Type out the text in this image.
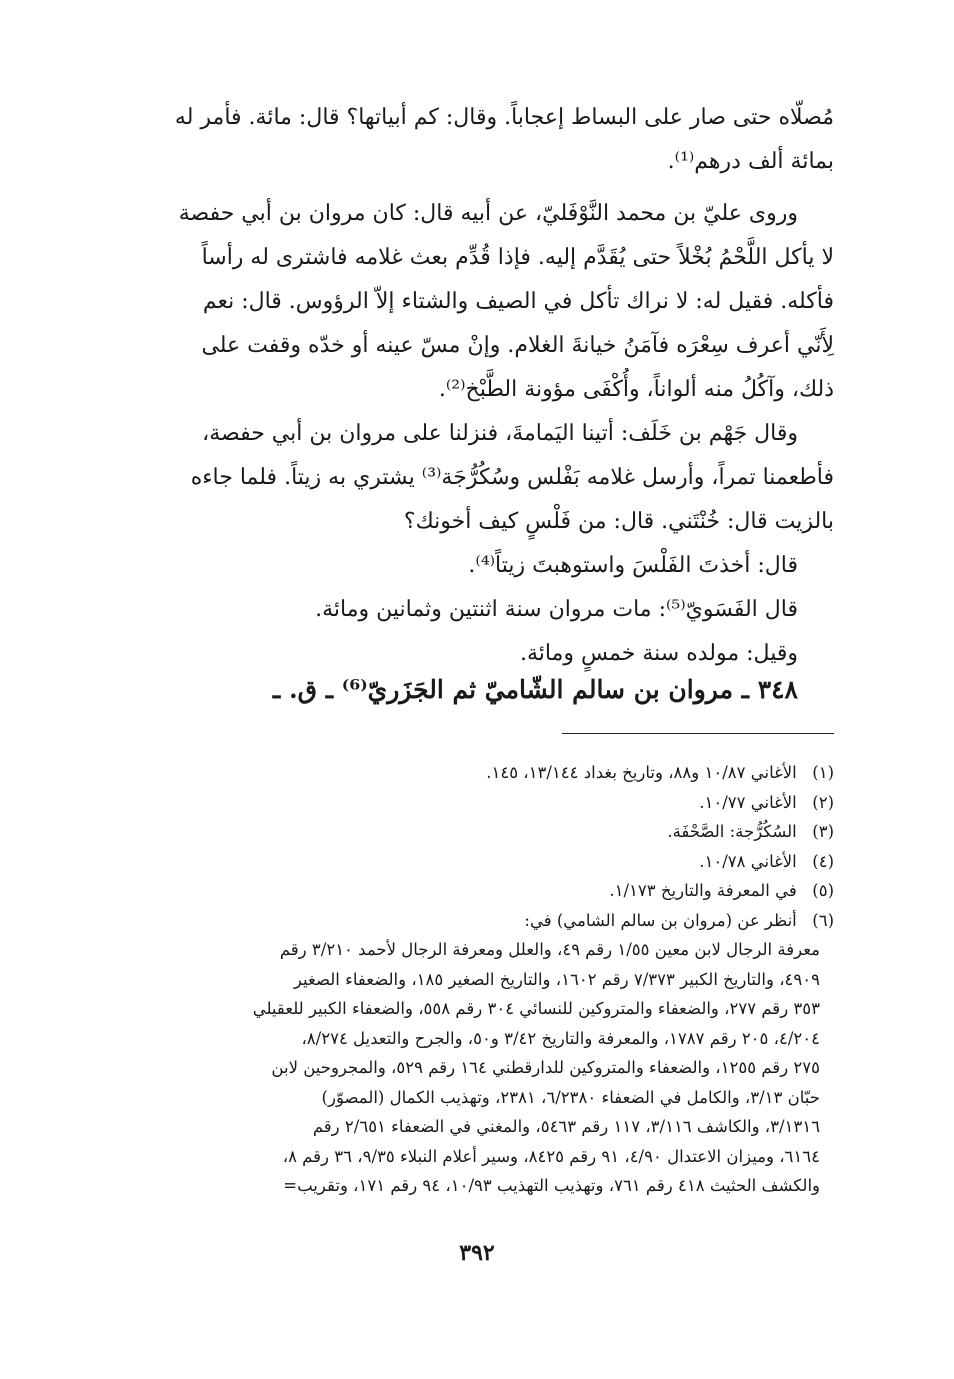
مُصلّاه حتى صار على البساط إعجاباً. وقال: كم أبياتها؟ قال: مائة. فأمر له
بمائة ألف درهم⁽¹⁾.
وروى عليّ بن محمد النَّوْفَليّ، عن أبيه قال: كان مروان بن أبي حفصة
لا يأكل اللَّحْمُ بُخْلاً حتى يُقَدَّم إليه. فإذا قُدِّم بعث غلامه فاشترى له رأساً
فأكله. فقيل له: لا نراك تأكل في الصيف والشتاء إلاّ الرؤوس. قال: نعم
لِأَنّي أعرف سِعْرَه فآمَنُ خيانةَ الغلام. وإنْ مسّ عينه أو خدّه وقفت على
ذلك، وآكُلُ منه ألواناً، وأُكْفَى مؤونة الطَّبْخ⁽²⁾.
وقال جَهْم بن خَلَف: أتينا اليَمامةَ، فنزلنا على مروان بن أبي حفصة،
فأطعمنا تمراً، وأرسل غلامه بَفْلس وسُكُرُّجَة⁽³⁾ يشتري به زيتاً. فلما جاءه
بالزيت قال: خُنْتَني. قال: من فَلْسٍ كيف أخونك؟
قال: أخذتَ الفَلْسَ واستوهبتَ زيتاً⁽⁴⁾.
قال الفَسَويّ⁽⁵⁾: مات مروان سنة اثنتين وثمانين ومائة.
وقيل: مولده سنة خمسٍ ومائة.
٣٤٨ ـ مروان بن سالم الشّاميّ ثم الجَزَريّ⁽⁶⁾ ـ ق. ـ
(١) الأغاني ١٠/٨٧ و٨٨، وتاريخ بغداد ١٣/١٤٤، ١٤٥.
(٢) الأغاني ١٠/٧٧.
(٣) السُكُرُّجة: الصَّحْفَة.
(٤) الأغاني ١٠/٧٨.
(٥) في المعرفة والتاريخ ١/١٧٣.
(٦) أنظر عن (مروان بن سالم الشامي) في:
معرفة الرجال لابن معين ١/٥٥ رقم ٤٩، والعلل ومعرفة الرجال لأحمد ٣/٢١٠ رقم
٤٩٠٩، والتاريخ الكبير ٧/٣٧٣ رقم ١٦٠٢، والتاريخ الصغير ١٨٥، والضعفاء الصغير
٣٥٣ رقم ٢٧٧، والضعفاء والمتروكين للنسائي ٣٠٤ رقم ٥٥٨، والضعفاء الكبير للعقيلي
٤/٢٠٤، ٢٠٥ رقم ١٧٨٧، والمعرفة والتاريخ ٣/٤٢ و٥٠، والجرح والتعديل ٨/٢٧٤،
٢٧٥ رقم ١٢٥٥، والضعفاء والمتروكين للدارقطني ١٦٤ رقم ٥٢٩، والمجروحين لابن
حبّان ٣/١٣، والكامل في الضعفاء ٦/٢٣٨٠، ٢٣٨١، وتهذيب الكمال (المصوّر)
٣/١٣١٦، والكاشف ٣/١١٦، ١١٧ رقم ٥٤٦٣، والمغني في الضعفاء ٢/٦٥١ رقم
٦١٦٤، وميزان الاعتدال ٤/٩٠، ٩١ رقم ٨٤٢٥، وسير أعلام النبلاء ٩/٣٥، ٣٦ رقم ٨،
والكشف الحثيث ٤١٨ رقم ٧٦١، وتهذيب التهذيب ١٠/٩٣، ٩٤ رقم ١٧١، وتقريب=
٣٩٢
